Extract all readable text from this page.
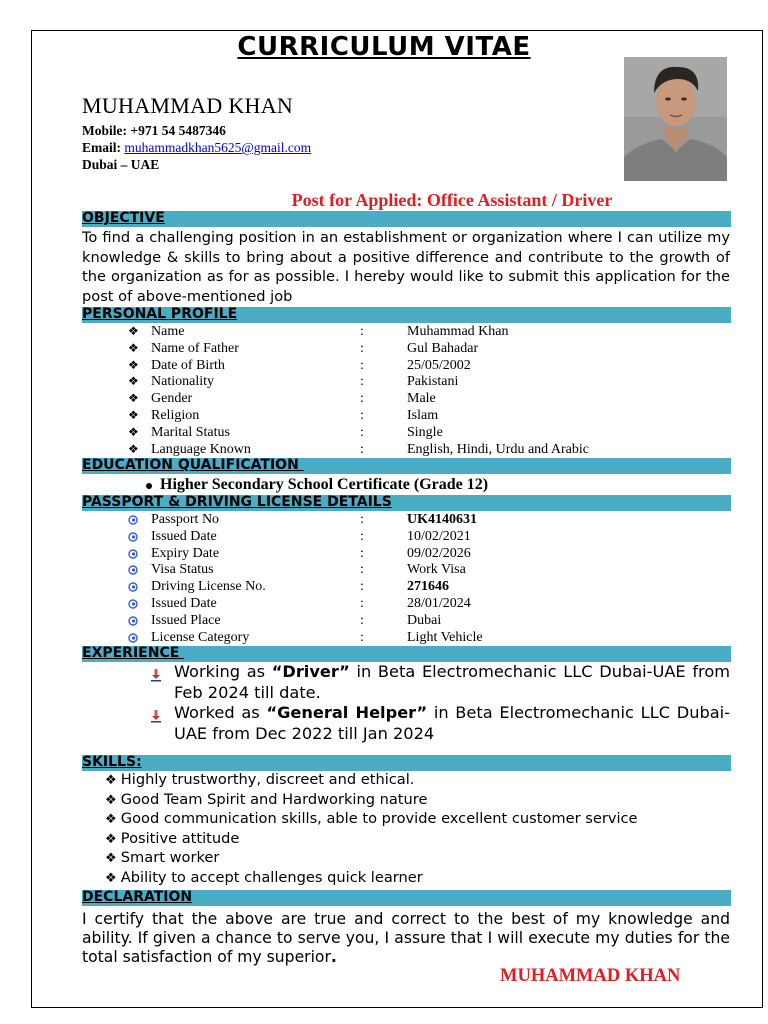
CURRICULUM VITAE
MUHAMMAD KHAN
Mobile: +971 54 5487346
Email: muhammadkhan5625@gmail.com
Dubai – UAE
Post for Applied: Office Assistant / Driver
OBJECTIVE
To find a challenging position in an establishment or organization where I can utilize my knowledge & skills to bring about a positive difference and contribute to the growth of the organization as for as possible. I hereby would like to submit this application for the post of above-mentioned job
PERSONAL PROFILE
❖ Name	:	Muhammad Khan
❖ Name of Father	:	Gul Bahadar
❖ Date of Birth	:	25/05/2002
❖ Nationality	:	Pakistani
❖ Gender	:	Male
❖ Religion	:	Islam
❖ Marital Status	:	Single
❖ Language Known	:	English, Hindi, Urdu and Arabic
EDUCATION QUALIFICATION
Higher Secondary School Certificate (Grade 12)
PASSPORT & DRIVING LICENSE DETAILS
Passport No	:	UK4140631
Issued Date	:	10/02/2021
Expiry Date	:	09/02/2026
Visa Status	:	Work Visa
Driving License No.	:	271646
Issued Date	:	28/01/2024
Issued Place	:	Dubai
License Category	:	Light Vehicle
EXPERIENCE
Working as “Driver” in Beta Electromechanic LLC Dubai-UAE from Feb 2024 till date.
Worked as “General Helper” in Beta Electromechanic LLC Dubai-UAE from Dec 2022 till Jan 2024
SKILLS:
❖ Highly trustworthy, discreet and ethical.
❖ Good Team Spirit and Hardworking nature
❖ Good communication skills, able to provide excellent customer service
❖ Positive attitude
❖ Smart worker
❖ Ability to accept challenges quick learner
DECLARATION
I certify that the above are true and correct to the best of my knowledge and ability. If given a chance to serve you, I assure that I will execute my duties for the total satisfaction of my superior.
MUHAMMAD KHAN
